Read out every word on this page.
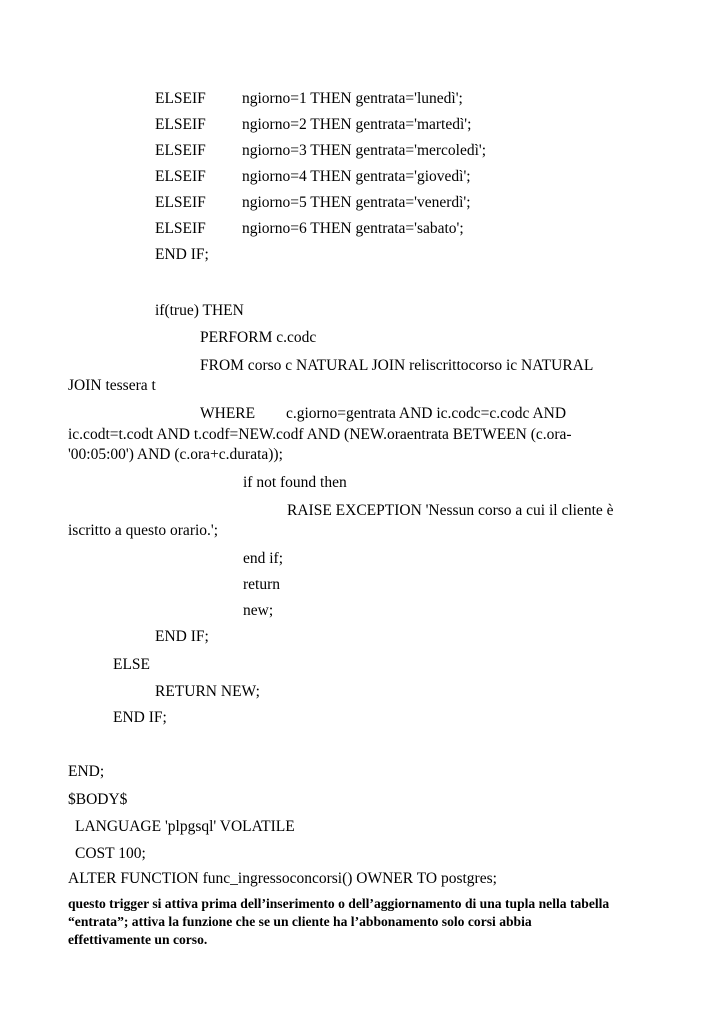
ELSEIF ngiorno=1 THEN gentrata='lunedì';
ELSEIF ngiorno=2 THEN gentrata='martedì';
ELSEIF ngiorno=3 THEN gentrata='mercoledì';
ELSEIF ngiorno=4 THEN gentrata='giovedì';
ELSEIF ngiorno=5 THEN gentrata='venerdì';
ELSEIF ngiorno=6 THEN gentrata='sabato';
END IF;
if(true) THEN
PERFORM c.codc
FROM corso c NATURAL JOIN reliscrittocorso ic NATURAL
JOIN tessera t
WHERE c.giorno=gentrata AND ic.codc=c.codc AND
ic.codt=t.codt AND t.codf=NEW.codf AND (NEW.oraentrata BETWEEN (c.ora-
'00:05:00') AND (c.ora+c.durata));
if not found then
RAISE EXCEPTION 'Nessun corso a cui il cliente è
iscritto a questo orario.';
end if;
return
new;
END IF;
ELSE
RETURN NEW;
END IF;
END;
$BODY$
LANGUAGE 'plpgsql' VOLATILE
COST 100;
ALTER FUNCTION func_ingressoconcorsi() OWNER TO postgres;
questo trigger si attiva prima dell’inserimento o dell’aggiornamento di una tupla nella tabella
“entrata”; attiva la funzione che se un cliente ha l’abbonamento solo corsi abbia
effettivamente un corso.
